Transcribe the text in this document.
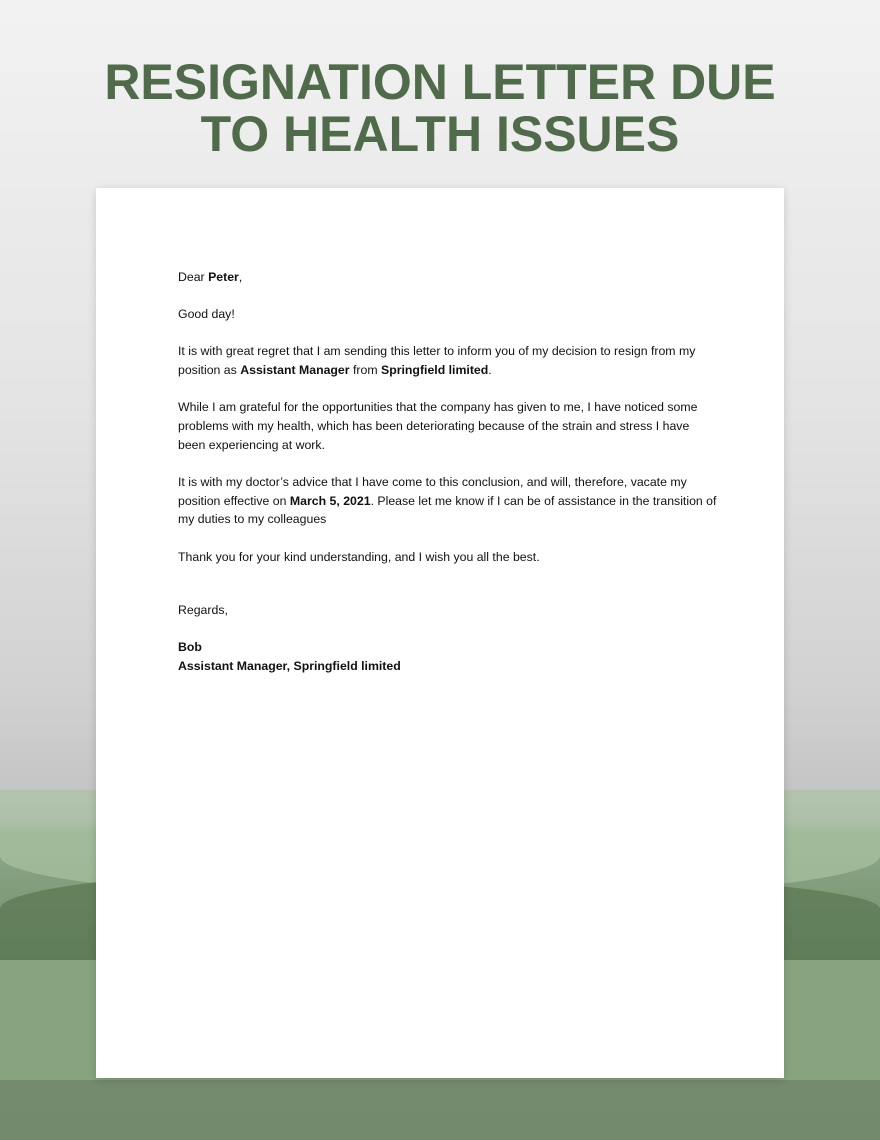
RESIGNATION LETTER DUE
TO HEALTH ISSUES

Dear Peter,

Good day!

It is with great regret that I am sending this letter to inform you of my decision to resign from my position as Assistant Manager from Springfield limited.

While I am grateful for the opportunities that the company has given to me, I have noticed some problems with my health, which has been deteriorating because of the strain and stress I have been experiencing at work.

It is with my doctor’s advice that I have come to this conclusion, and will, therefore, vacate my position effective on March 5, 2021. Please let me know if I can be of assistance in the transition of my duties to my colleagues

Thank you for your kind understanding, and I wish you all the best.

Regards,

Bob

Assistant Manager, Springfield limited
